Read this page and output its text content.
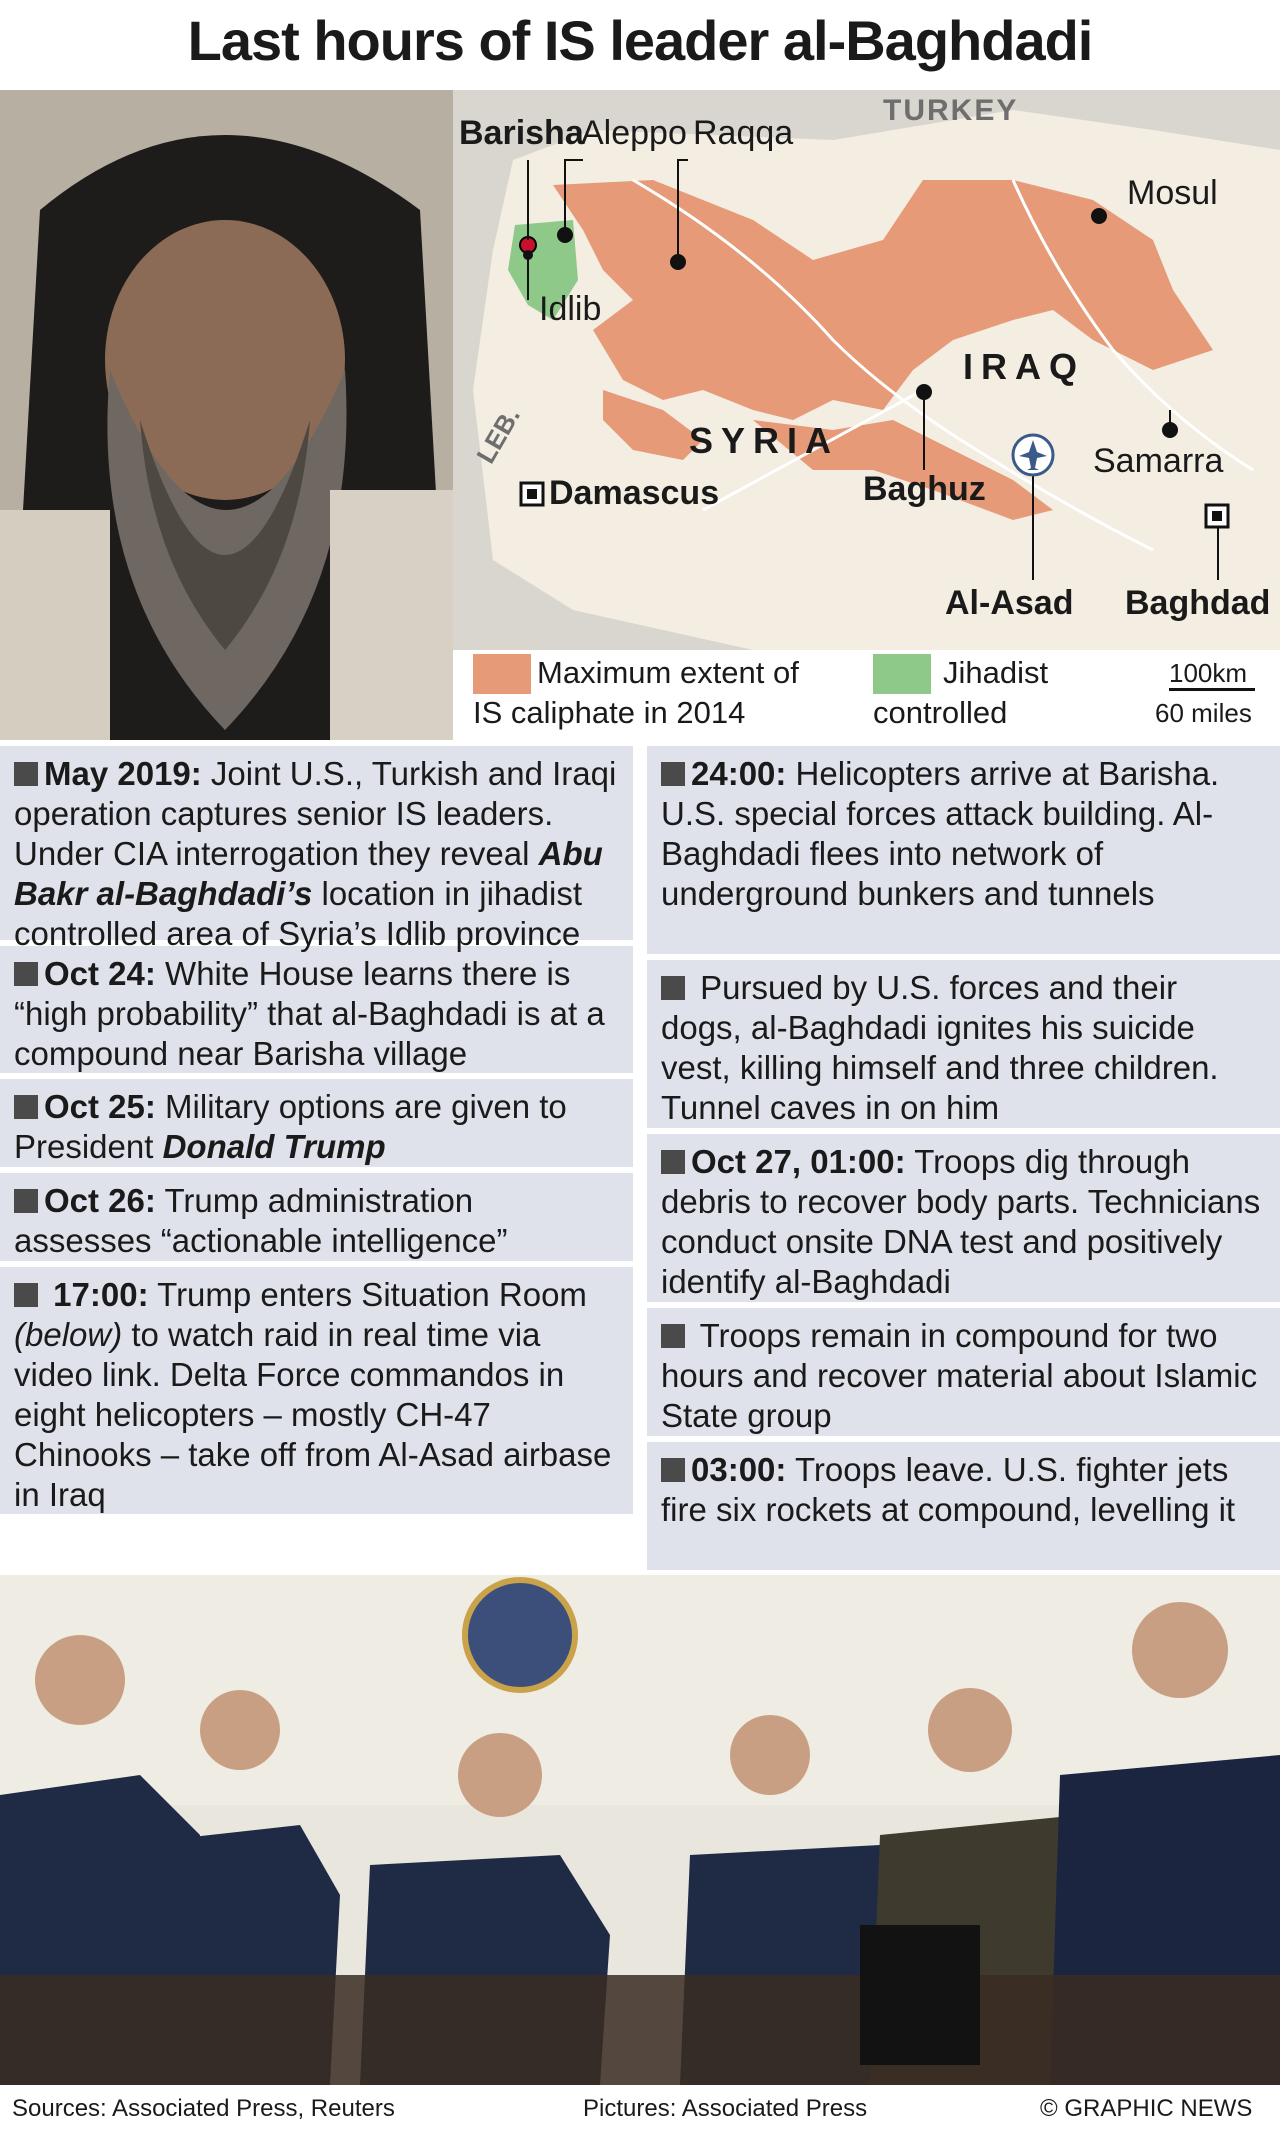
Last hours of IS leader al-Baghdadi
Barisha
Aleppo Raqqa
TURKEY
Mosul
Idlib
IRAQ
SYRIA
LEB.
Damascus	Baghuz
Samarra
Al-Asad Baghdad
Maximum extent of
IS caliphate in 2014
Jihadist
controlled
100km
60 miles
May 2019: Joint U.S., Turkish and Iraqi operation captures senior IS leaders. Under CIA interrogation they reveal Abu Bakr al-Baghdadi’s location in jihadist controlled area of Syria’s Idlib province
Oct 24: White House learns there is “high probability” that al-Baghdadi is at a compound near Barisha village
Oct 25: Military options are given to President Donald Trump
Oct 26: Trump administration assesses “actionable intelligence”
17:00: Trump enters Situation Room (below) to watch raid in real time via video link. Delta Force commandos in eight helicopters – mostly CH-47 Chinooks – take off from Al-Asad airbase in Iraq
24:00: Helicopters arrive at Barisha. U.S. special forces attack building. Al-Baghdadi flees into network of underground bunkers and tunnels
Pursued by U.S. forces and their dogs, al-Baghdadi ignites his suicide vest, killing himself and three children. Tunnel caves in on him
Oct 27, 01:00: Troops dig through debris to recover body parts. Technicians conduct onsite DNA test and positively identify al-Baghdadi
Troops remain in compound for two hours and recover material about Islamic State group
03:00: Troops leave. U.S. fighter jets fire six rockets at compound, levelling it
Sources: Associated Press, Reuters	Pictures: Associated Press	© GRAPHIC NEWS
